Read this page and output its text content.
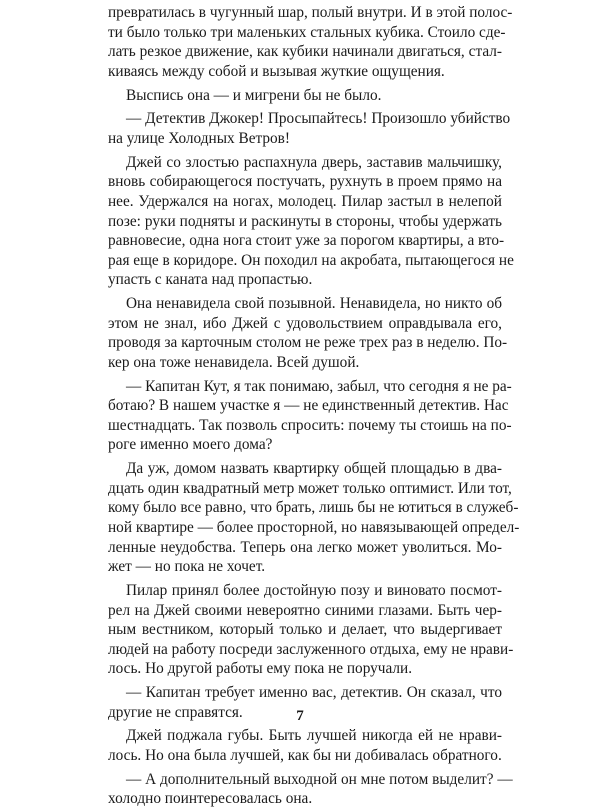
превратилась в чугунный шар, полый внутри. И в этой полос-
ти было только три маленьких стальных кубика. Стоило сде-
лать резкое движение, как кубики начинали двигаться, стал-
киваясь между собой и вызывая жуткие ощущения.
Выспись она — и мигрени бы не было.
— Детектив Джокер! Просыпайтесь! Произошло убийство
на улице Холодных Ветров!
Джей со злостью распахнула дверь, заставив мальчишку,
вновь собирающегося постучать, рухнуть в проем прямо на
нее. Удержался на ногах, молодец. Пилар застыл в нелепой
позе: руки подняты и раскинуты в стороны, чтобы удержать
равновесие, одна нога стоит уже за порогом квартиры, а вто-
рая еще в коридоре. Он походил на акробата, пытающегося не
упасть с каната над пропастью.
Она ненавидела свой позывной. Ненавидела, но никто об
этом не знал, ибо Джей с удовольствием оправдывала его,
проводя за карточным столом не реже трех раз в неделю. По-
кер она тоже ненавидела. Всей душой.
— Капитан Кут, я так понимаю, забыл, что сегодня я не ра-
ботаю? В нашем участке я — не единственный детектив. Нас
шестнадцать. Так позволь спросить: почему ты стоишь на по-
роге именно моего дома?
Да уж, домом назвать квартирку общей площадью в два-
дцать один квадратный метр может только оптимист. Или тот,
кому было все равно, что брать, лишь бы не ютиться в служеб-
ной квартире — более просторной, но навязывающей определ-
ленные неудобства. Теперь она легко может уволиться. Мо-
жет — но пока не хочет.
Пилар принял более достойную позу и виновато посмот-
рел на Джей своими невероятно синими глазами. Быть чер-
ным вестником, который только и делает, что выдергивает
людей на работу посреди заслуженного отдыха, ему не нрави-
лось. Но другой работы ему пока не поручали.
— Капитан требует именно вас, детектив. Он сказал, что
другие не справятся.
Джей поджала губы. Быть лучшей никогда ей не нрави-
лось. Но она была лучшей, как бы ни добивалась обратного.
— А дополнительный выходной он мне потом выделит? —
холодно поинтересовалась она.
7
